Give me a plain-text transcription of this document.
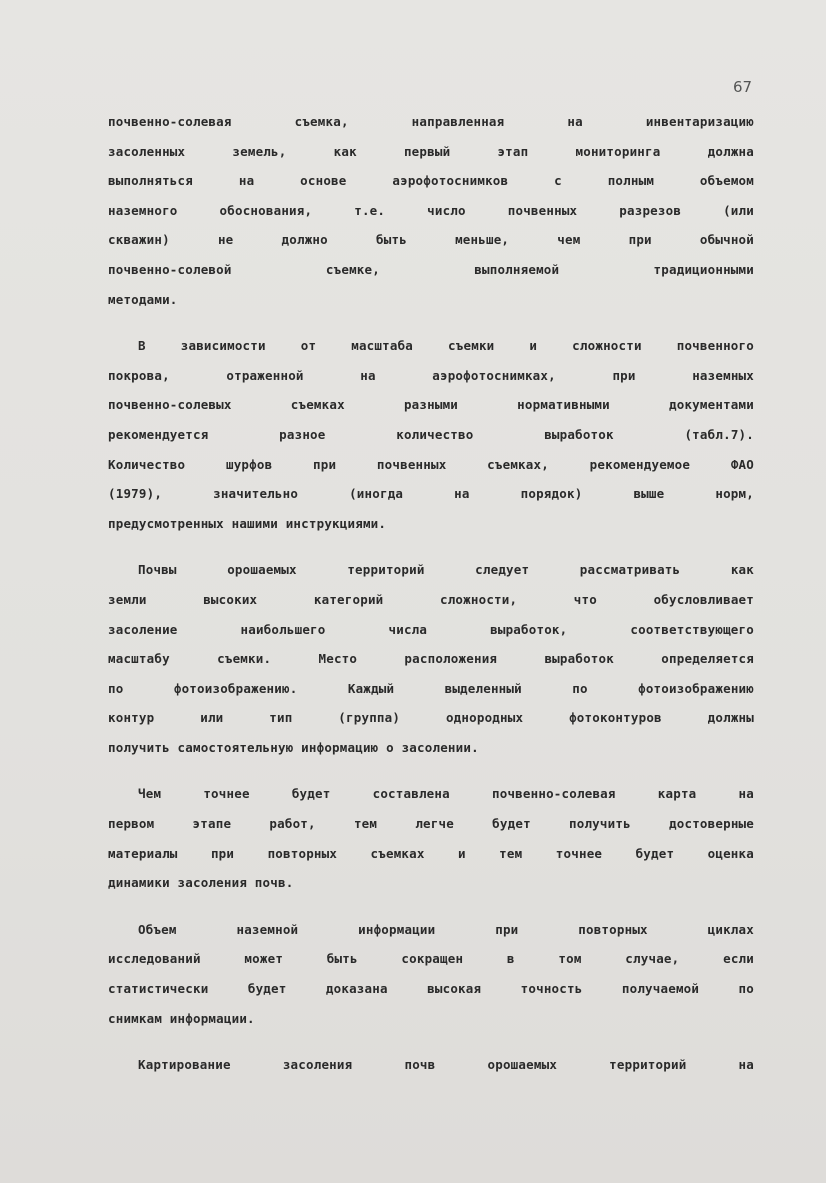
67
почвенно-солевая съемка, направленная на инвентаризацию
засоленных земель, как первый этап мониторинга должна
выполняться на основе аэрофотоснимков с полным объемом
наземного обоснования, т.е. число почвенных разрезов (или
скважин) не должно быть меньше, чем при обычной
почвенно-солевой съемке, выполняемой традиционными
методами.
В зависимости от масштаба съемки и сложности почвенного
покрова, отраженной на аэрофотоснимках, при наземных
почвенно-солевых съемках разными нормативными документами
рекомендуется разное количество выработок (табл.7).
Количество шурфов при почвенных съемках, рекомендуемое ФАО
(1979), значительно (иногда на порядок) выше норм,
предусмотренных нашими инструкциями.
Почвы орошаемых территорий следует рассматривать как
земли высоких категорий сложности, что обусловливает
засоление наибольшего числа выработок, соответствующего
масштабу съемки. Место расположения выработок определяется
по фотоизображению. Каждый выделенный по фотоизображению
контур или тип (группа) однородных фотоконтуров должны
получить самостоятельную информацию о засолении.
Чем точнее будет составлена почвенно-солевая карта на
первом этапе работ, тем легче будет получить достоверные
материалы при повторных съемках и тем точнее будет оценка
динамики засоления почв.
Объем наземной информации при повторных циклах
исследований может быть сокращен в том случае, если
статистически будет доказана высокая точность получаемой по
снимкам информации.
Картирование засоления почв орошаемых территорий на
